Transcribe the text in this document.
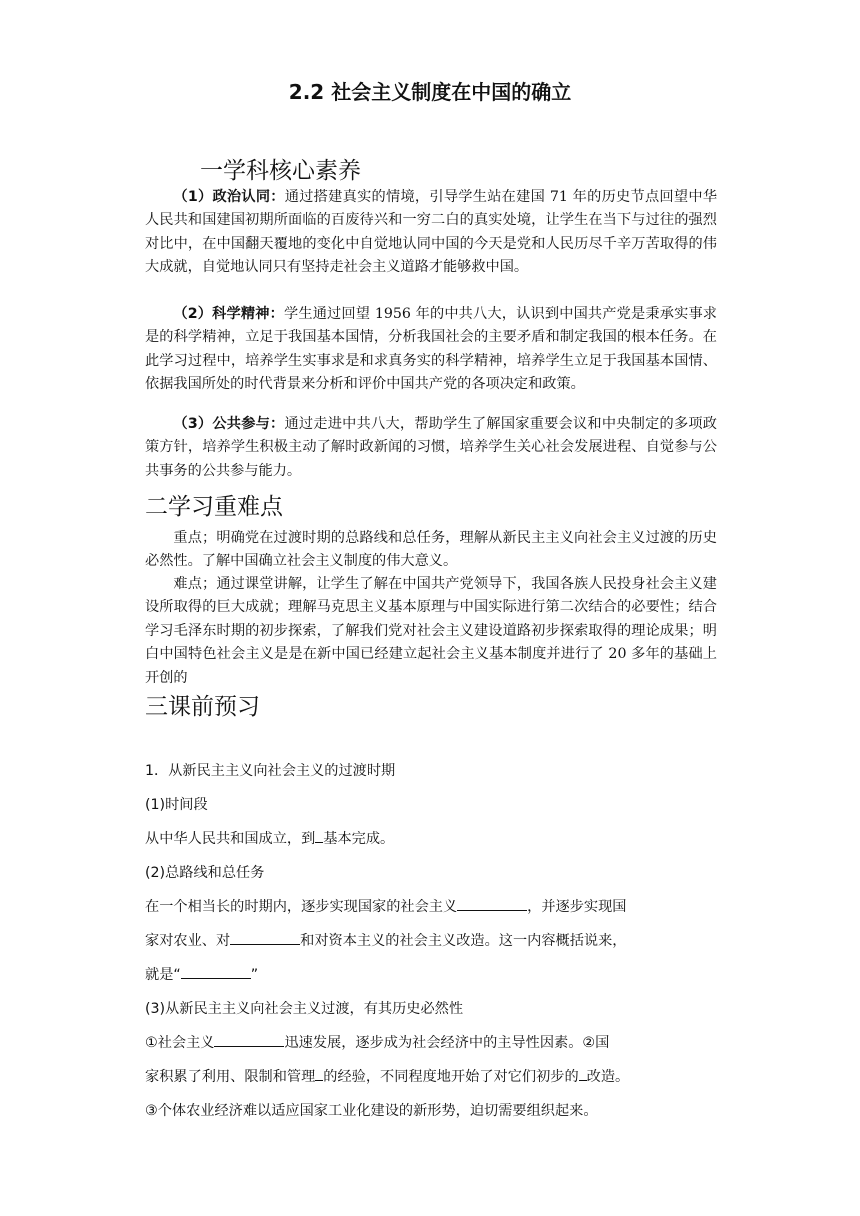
2.2 社会主义制度在中国的确立
一学科核心素养

（1）政治认同：通过搭建真实的情境，引导学生站在建国 71 年的历史节点回望中华人民共和国建国初期所面临的百废待兴和一穷二白的真实处境，让学生在当下与过往的强烈对比中，在中国翻天覆地的变化中自觉地认同中国的今天是党和人民历尽千辛万苦取得的伟大成就，自觉地认同只有坚持走社会主义道路才能够救中国。

（2）科学精神：学生通过回望 1956 年的中共八大，认识到中国共产党是秉承实事求是的科学精神，立足于我国基本国情，分析我国社会的主要矛盾和制定我国的根本任务。在此学习过程中，培养学生实事求是和求真务实的科学精神，培养学生立足于我国基本国情、依据我国所处的时代背景来分析和评价中国共产党的各项决定和政策。

（3）公共参与：通过走进中共八大，帮助学生了解国家重要会议和中央制定的多项政策方针，培养学生积极主动了解时政新闻的习惯，培养学生关心社会发展进程、自觉参与公共事务的公共参与能力。

二学习重难点

重点；明确党在过渡时期的总路线和总任务，理解从新民主主义向社会主义过渡的历史必然性。了解中国确立社会主义制度的伟大意义。

难点；通过课堂讲解，让学生了解在中国共产党领导下，我国各族人民投身社会主义建设所取得的巨大成就；理解马克思主义基本原理与中国实际进行第二次结合的必要性；结合学习毛泽东时期的初步探索，了解我们党对社会主义建设道路初步探索取得的理论成果；明白中国特色社会主义是是在新中国已经建立起社会主义基本制度并进行了 20 多年的基础上开创的

三课前预习
1．从新民主主义向社会主义的过渡时期
(1)时间段
从中华人民共和国成立，到 基本完成。
(2)总路线和总任务
在一个相当长的时期内，逐步实现国家的社会主义	，并逐步实现国
家对农业、对	和对资本主义的社会主义改造。这一内容概括说来，
就是“	”
(3)从新民主主义向社会主义过渡，有其历史必然性
①社会主义	迅速发展，逐步成为社会经济中的主导性因素。②国
家积累了利用、限制和管理 的经验，不同程度地开始了对它们初步的 改造。
③个体农业经济难以适应国家工业化建设的新形势，迫切需要组织起来。
